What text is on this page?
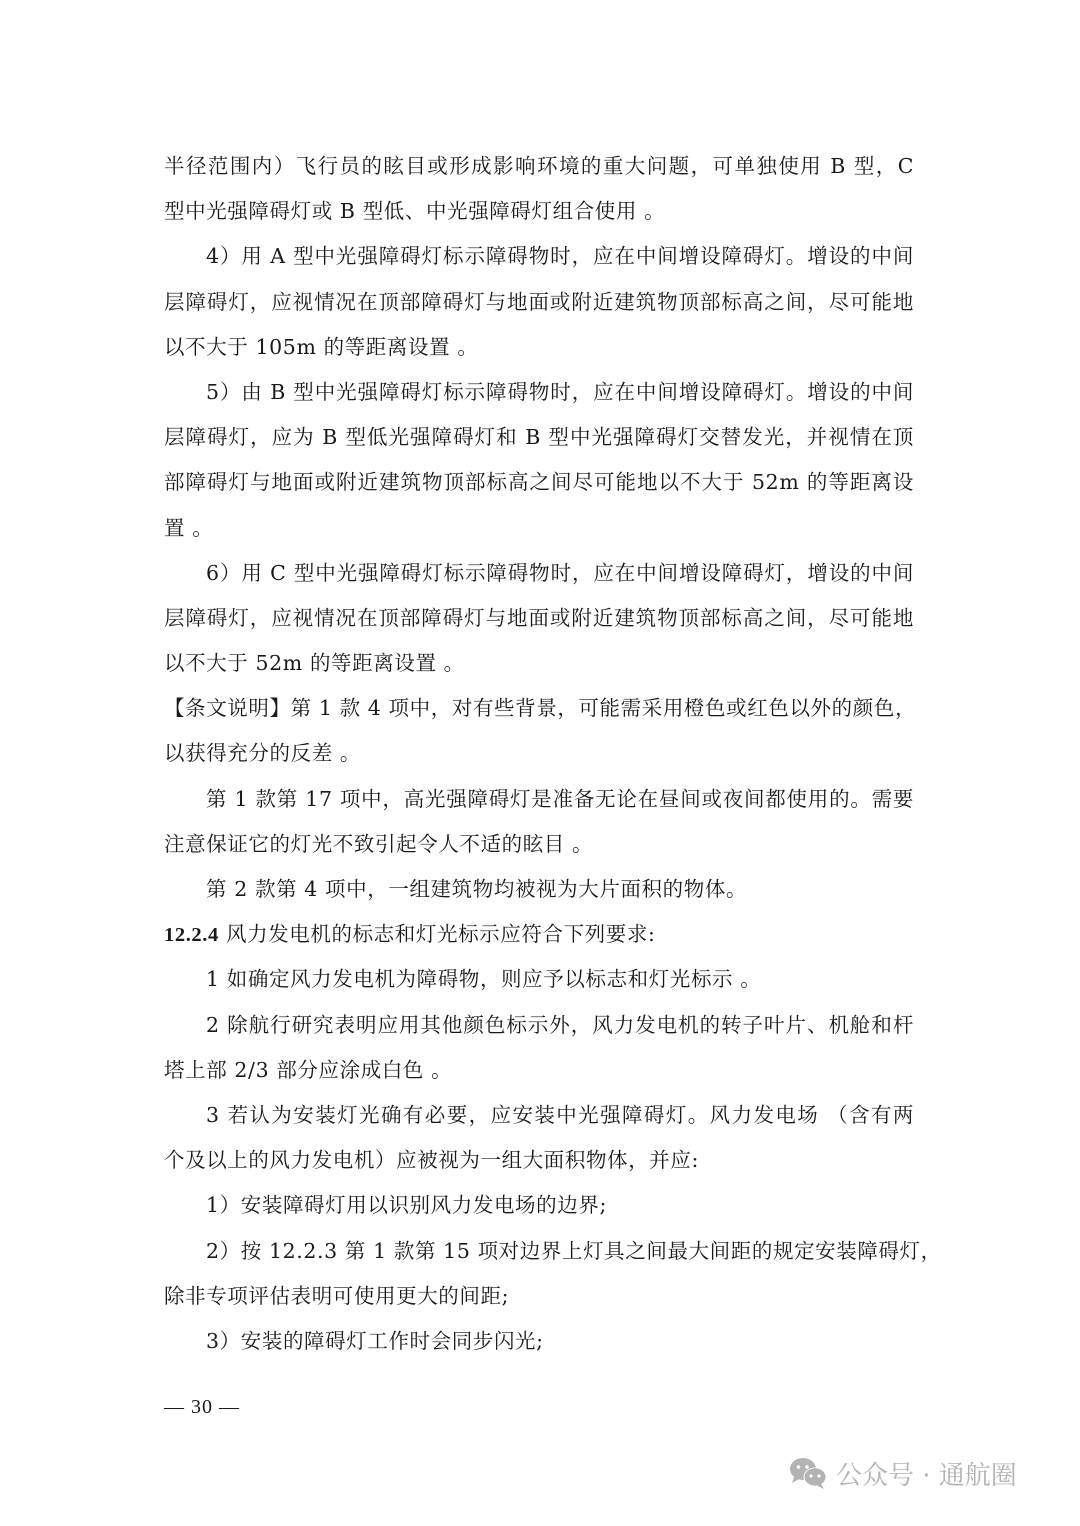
半径范围内）飞行员的眩目或形成影响环境的重大问题，可单独使用 B 型，C
型中光强障碍灯或 B 型低、中光强障碍灯组合使用 。
4）用 A 型中光强障碍灯标示障碍物时，应在中间增设障碍灯。增设的中间
层障碍灯，应视情况在顶部障碍灯与地面或附近建筑物顶部标高之间，尽可能地
以不大于 105m 的等距离设置 。
5）由 B 型中光强障碍灯标示障碍物时，应在中间增设障碍灯。增设的中间
层障碍灯，应为 B 型低光强障碍灯和 B 型中光强障碍灯交替发光，并视情在顶
部障碍灯与地面或附近建筑物顶部标高之间尽可能地以不大于 52m 的等距离设
置 。
6）用 C 型中光强障碍灯标示障碍物时，应在中间增设障碍灯，增设的中间
层障碍灯，应视情况在顶部障碍灯与地面或附近建筑物顶部标高之间，尽可能地
以不大于 52m 的等距离设置 。
【条文说明】第 1 款 4 项中，对有些背景，可能需采用橙色或红色以外的颜色，
以获得充分的反差 。
第 1 款第 17 项中，高光强障碍灯是准备无论在昼间或夜间都使用的。需要
注意保证它的灯光不致引起令人不适的眩目 。
第 2 款第 4 项中，一组建筑物均被视为大片面积的物体。
12.2.4 风力发电机的标志和灯光标示应符合下列要求:
1 如确定风力发电机为障碍物，则应予以标志和灯光标示 。
2 除航行研究表明应用其他颜色标示外，风力发电机的转子叶片、机舱和杆
塔上部 2/3 部分应涂成白色 。
3 若认为安装灯光确有必要，应安装中光强障碍灯。风力发电场 （含有两
个及以上的风力发电机）应被视为一组大面积物体，并应:
1）安装障碍灯用以识别风力发电场的边界;
2）按 12.2.3 第 1 款第 15 项对边界上灯具之间最大间距的规定安装障碍灯，
除非专项评估表明可使用更大的间距;
3）安装的障碍灯工作时会同步闪光;
— 30 —
公众号 · 通航圈
